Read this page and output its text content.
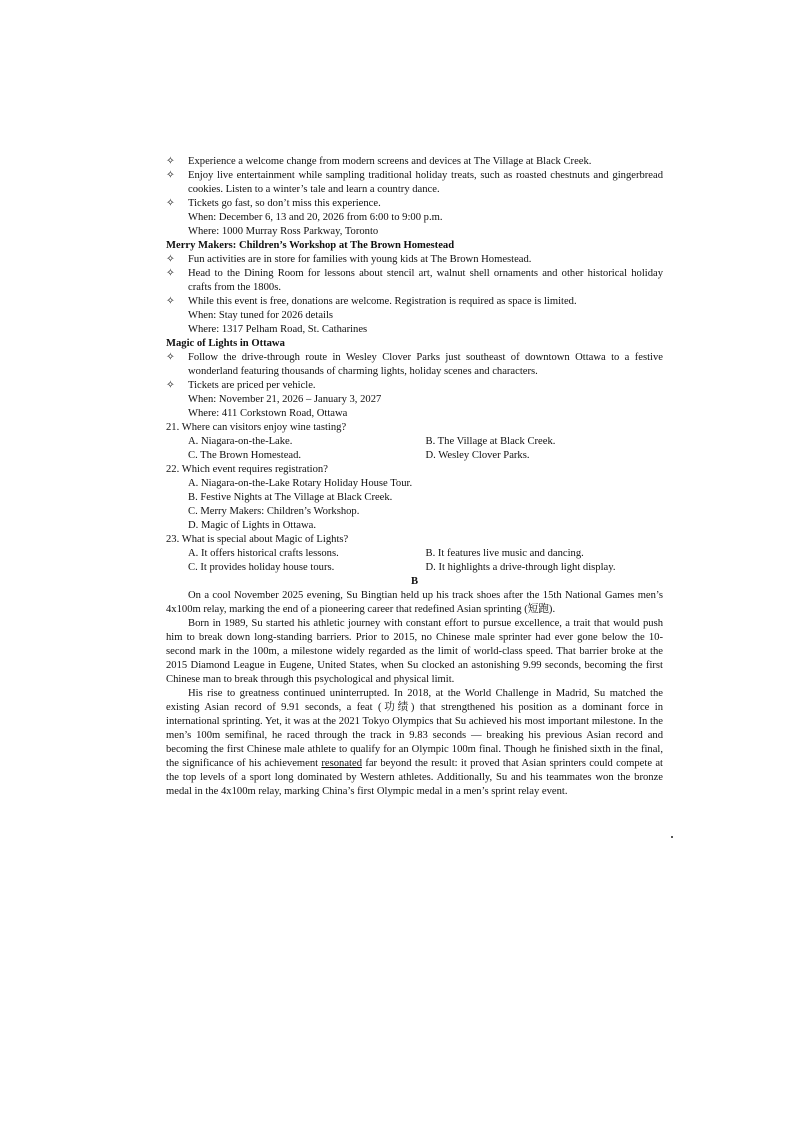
✧	Experience a welcome change from modern screens and devices at The Village at Black Creek.
✧	Enjoy live entertainment while sampling traditional holiday treats, such as roasted chestnuts and gingerbread cookies. Listen to a winter’s tale and learn a country dance.
✧	Tickets go fast, so don’t miss this experience.
When: December 6, 13 and 20, 2026 from 6:00 to 9:00 p.m.
Where: 1000 Murray Ross Parkway, Toronto
Merry Makers: Children’s Workshop at The Brown Homestead
✧	Fun activities are in store for families with young kids at The Brown Homestead.
✧	Head to the Dining Room for lessons about stencil art, walnut shell ornaments and other historical holiday crafts from the 1800s.
✧	While this event is free, donations are welcome. Registration is required as space is limited.
When: Stay tuned for 2026 details
Where: 1317 Pelham Road, St. Catharines
Magic of Lights in Ottawa
✧	Follow the drive-through route in Wesley Clover Parks just southeast of downtown Ottawa to a festive wonderland featuring thousands of charming lights, holiday scenes and characters.
✧	Tickets are priced per vehicle.
When: November 21, 2026 – January 3, 2027
Where: 411 Corkstown Road, Ottawa
21. Where can visitors enjoy wine tasting?
A. Niagara-on-the-Lake.	B. The Village at Black Creek.
C. The Brown Homestead.	D. Wesley Clover Parks.
22. Which event requires registration?
A. Niagara-on-the-Lake Rotary Holiday House Tour.
B. Festive Nights at The Village at Black Creek.
C. Merry Makers: Children’s Workshop.
D. Magic of Lights in Ottawa.
23. What is special about Magic of Lights?
A. It offers historical crafts lessons.	B. It features live music and dancing.
C. It provides holiday house tours.	D. It highlights a drive-through light display.
B
On a cool November 2025 evening, Su Bingtian held up his track shoes after the 15th National Games men’s 4x100m relay, marking the end of a pioneering career that redefined Asian sprinting (短跑).
Born in 1989, Su started his athletic journey with constant effort to pursue excellence, a trait that would push him to break down long-standing barriers. Prior to 2015, no Chinese male sprinter had ever gone below the 10-second mark in the 100m, a milestone widely regarded as the limit of world-class speed. That barrier broke at the 2015 Diamond League in Eugene, United States, when Su clocked an astonishing 9.99 seconds, becoming the first Chinese man to break through this psychological and physical limit.
His rise to greatness continued uninterrupted. In 2018, at the World Challenge in Madrid, Su matched the existing Asian record of 9.91 seconds, a feat (功绩) that strengthened his position as a dominant force in international sprinting. Yet, it was at the 2021 Tokyo Olympics that Su achieved his most important milestone. In the men’s 100m semifinal, he raced through the track in 9.83 seconds — breaking his previous Asian record and becoming the first Chinese male athlete to qualify for an Olympic 100m final. Though he finished sixth in the final, the significance of his achievement resonated far beyond the result: it proved that Asian sprinters could compete at the top levels of a sport long dominated by Western athletes. Additionally, Su and his teammates won the bronze medal in the 4x100m relay, marking China’s first Olympic medal in a men’s sprint relay event.
